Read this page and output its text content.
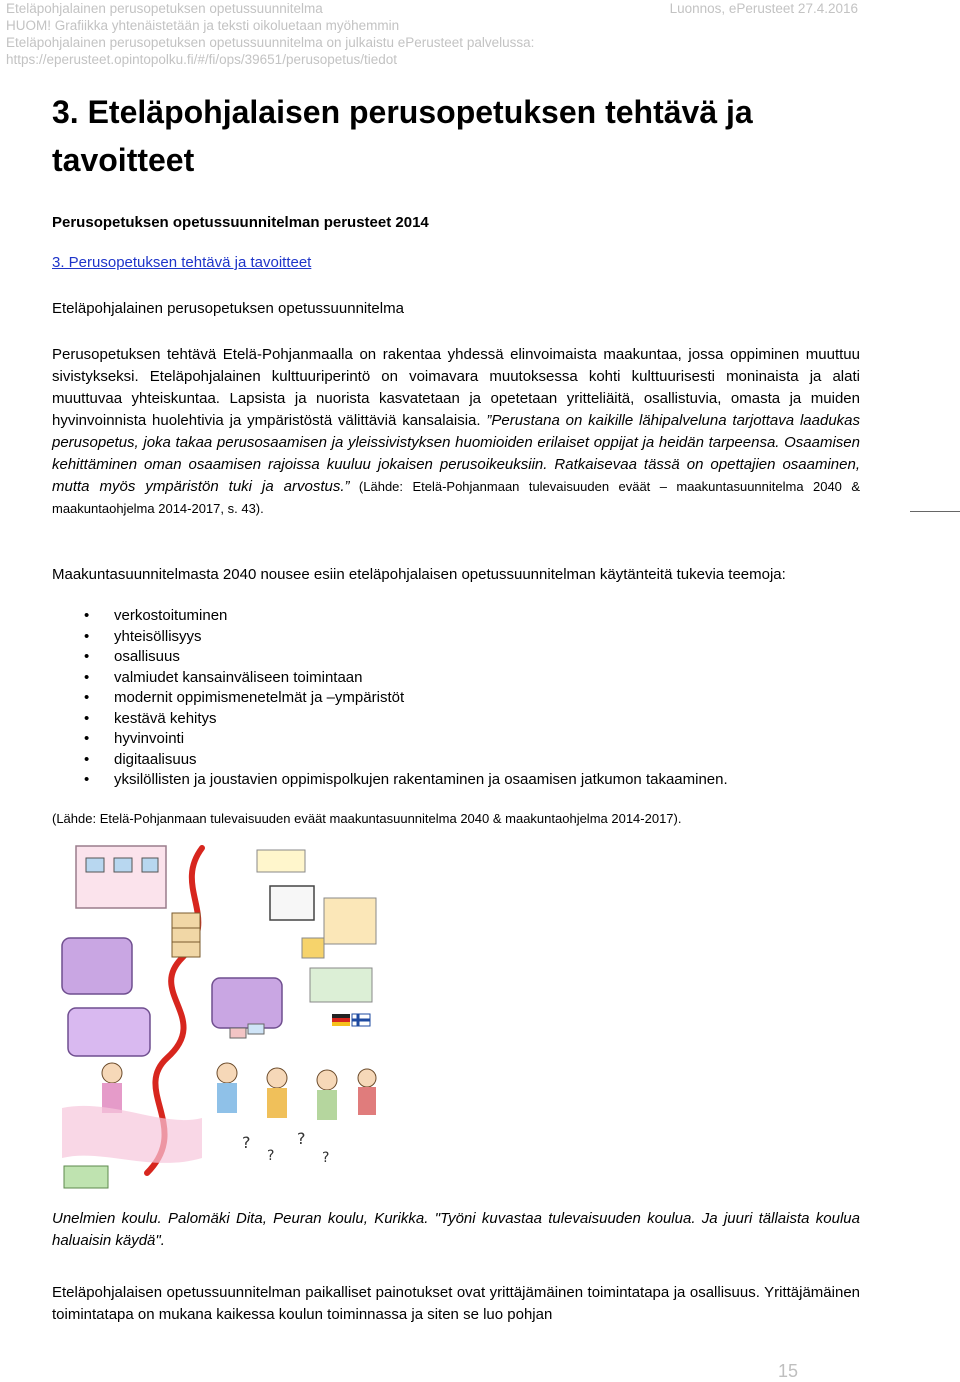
Eteläpohjalainen perusopetuksen opetussuunnitelma

HUOM! Grafiikka yhtenäistetään ja teksti oikoluetaan myöhemmin

Eteläpohjalainen perusopetuksen opetussuunnitelma on julkaistu ePerusteet palvelussa:

https://eperusteet.opintopolku.fi/#/fi/ops/39651/perusopetus/tiedot

Luonnos, ePerusteet 27.4.2016

3. Eteläpohjalaisen perusopetuksen tehtävä ja tavoitteet

Perusopetuksen opetussuunnitelman perusteet 2014

3. Perusopetuksen tehtävä ja tavoitteet

Eteläpohjalainen perusopetuksen opetussuunnitelma

Perusopetuksen tehtävä Etelä-Pohjanmaalla on rakentaa yhdessä elinvoimaista maakuntaa, jossa oppiminen muuttuu sivistykseksi. Eteläpohjalainen kulttuuriperintö on voimavara muutoksessa kohti kulttuurisesti moninaista ja alati muuttuvaa yhteiskuntaa. Lapsista ja nuorista kasvatetaan ja opetetaan yritteliäitä, osallistuvia, omasta ja muiden hyvinvoinnista huolehtivia ja ympäristöstä välittäviä kansalaisia. ”Perustana on kaikille lähipalveluna tarjottava laadukas perusopetus, joka takaa perusosaamisen ja yleissivistyksen huomioiden erilaiset oppijat ja heidän tarpeensa. Osaamisen kehittäminen oman osaamisen rajoissa kuuluu jokaisen perusoikeuksiin. Ratkaisevaa tässä on opettajien osaaminen, mutta myös ympäristön tuki ja arvostus.” (Lähde: Etelä-Pohjanmaan tulevaisuuden eväät – maakuntasuunnitelma 2040 & maakuntaohjelma 2014-2017, s. 43).

Maakuntasuunnitelmasta 2040 nousee esiin eteläpohjalaisen opetussuunnitelman käytänteitä tukevia teemoja:

• verkostoituminen
• yhteisöllisyys
• osallisuus
• valmiudet kansainväliseen toimintaan
• modernit oppimismenetelmät ja –ympäristöt
• kestävä kehitys
• hyvinvointi
• digitaalisuus
• yksilöllisten ja joustavien oppimispolkujen rakentaminen ja osaamisen jatkumon takaaminen.

(Lähde: Etelä-Pohjanmaan tulevaisuuden eväät maakuntasuunnitelma 2040 & maakuntaohjelma 2014-2017).

?
?
?
?

Unelmien koulu. Palomäki Dita, Peuran koulu, Kurikka. "Työni kuvastaa tulevaisuuden koulua. Ja juuri tällaista koulua haluaisin käydä".

Eteläpohjalaisen opetussuunnitelman paikalliset painotukset ovat yrittäjämäinen toimintatapa ja osallisuus. Yrittäjämäinen toimintatapa on mukana kaikessa koulun toiminnassa ja siten se luo pohjan

15
